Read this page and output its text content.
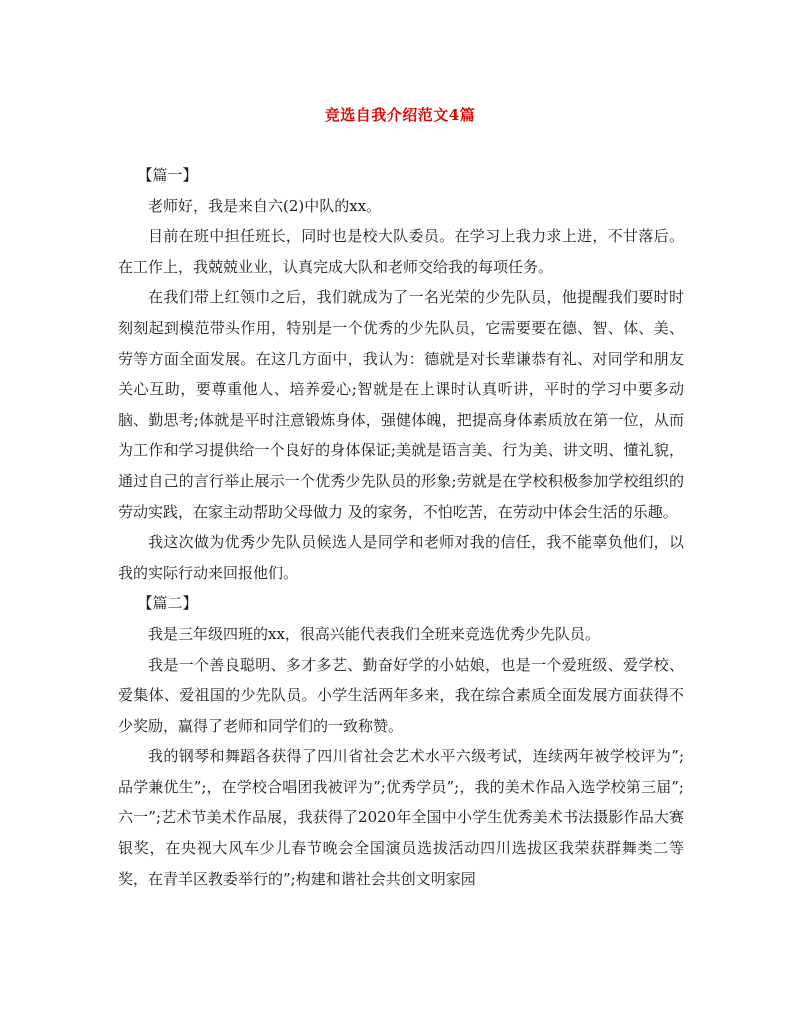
竞选自我介绍范文4篇

【篇一】

老师好，我是来自六(2)中队的xx。

目前在班中担任班长，同时也是校大队委员。在学习上我力求上进，不甘落后。在工作上，我兢兢业业，认真完成大队和老师交给我的每项任务。

在我们带上红领巾之后，我们就成为了一名光荣的少先队员，他提醒我们要时时刻刻起到模范带头作用，特别是一个优秀的少先队员，它需要要在德、智、体、美、劳等方面全面发展。在这几方面中，我认为：德就是对长辈谦恭有礼、对同学和朋友关心互助，要尊重他人、培养爱心;智就是在上课时认真听讲，平时的学习中要多动脑、勤思考;体就是平时注意锻炼身体，强健体魄，把提高身体素质放在第一位，从而为工作和学习提供给一个良好的身体保证;美就是语言美、行为美、讲文明、懂礼貌，通过自己的言行举止展示一个优秀少先队员的形象;劳就是在学校积极参加学校组织的劳动实践，在家主动帮助父母做力 及的家务，不怕吃苦，在劳动中体会生活的乐趣。

我这次做为优秀少先队员候选人是同学和老师对我的信任，我不能辜负他们，以我的实际行动来回报他们。

【篇二】

我是三年级四班的xx，很高兴能代表我们全班来竞选优秀少先队员。

我是一个善良聪明、多才多艺、勤奋好学的小姑娘，也是一个爱班级、爱学校、爱集体、爱祖国的少先队员。小学生活两年多来，我在综合素质全面发展方面获得不少奖励，赢得了老师和同学们的一致称赞。

我的钢琴和舞蹈各获得了四川省社会艺术水平六级考试，连续两年被学校评为”;品学兼优生”;，在学校合唱团我被评为”;优秀学员”;，我的美术作品入选学校第三届”;六一”;艺术节美术作品展，我获得了2020年全国中小学生优秀美术书法摄影作品大赛银奖，在央视大风车少儿春节晚会全国演员选拔活动四川选拔区我荣获群舞类二等奖，在青羊区教委举行的”;构建和谐社会共创文明家园
